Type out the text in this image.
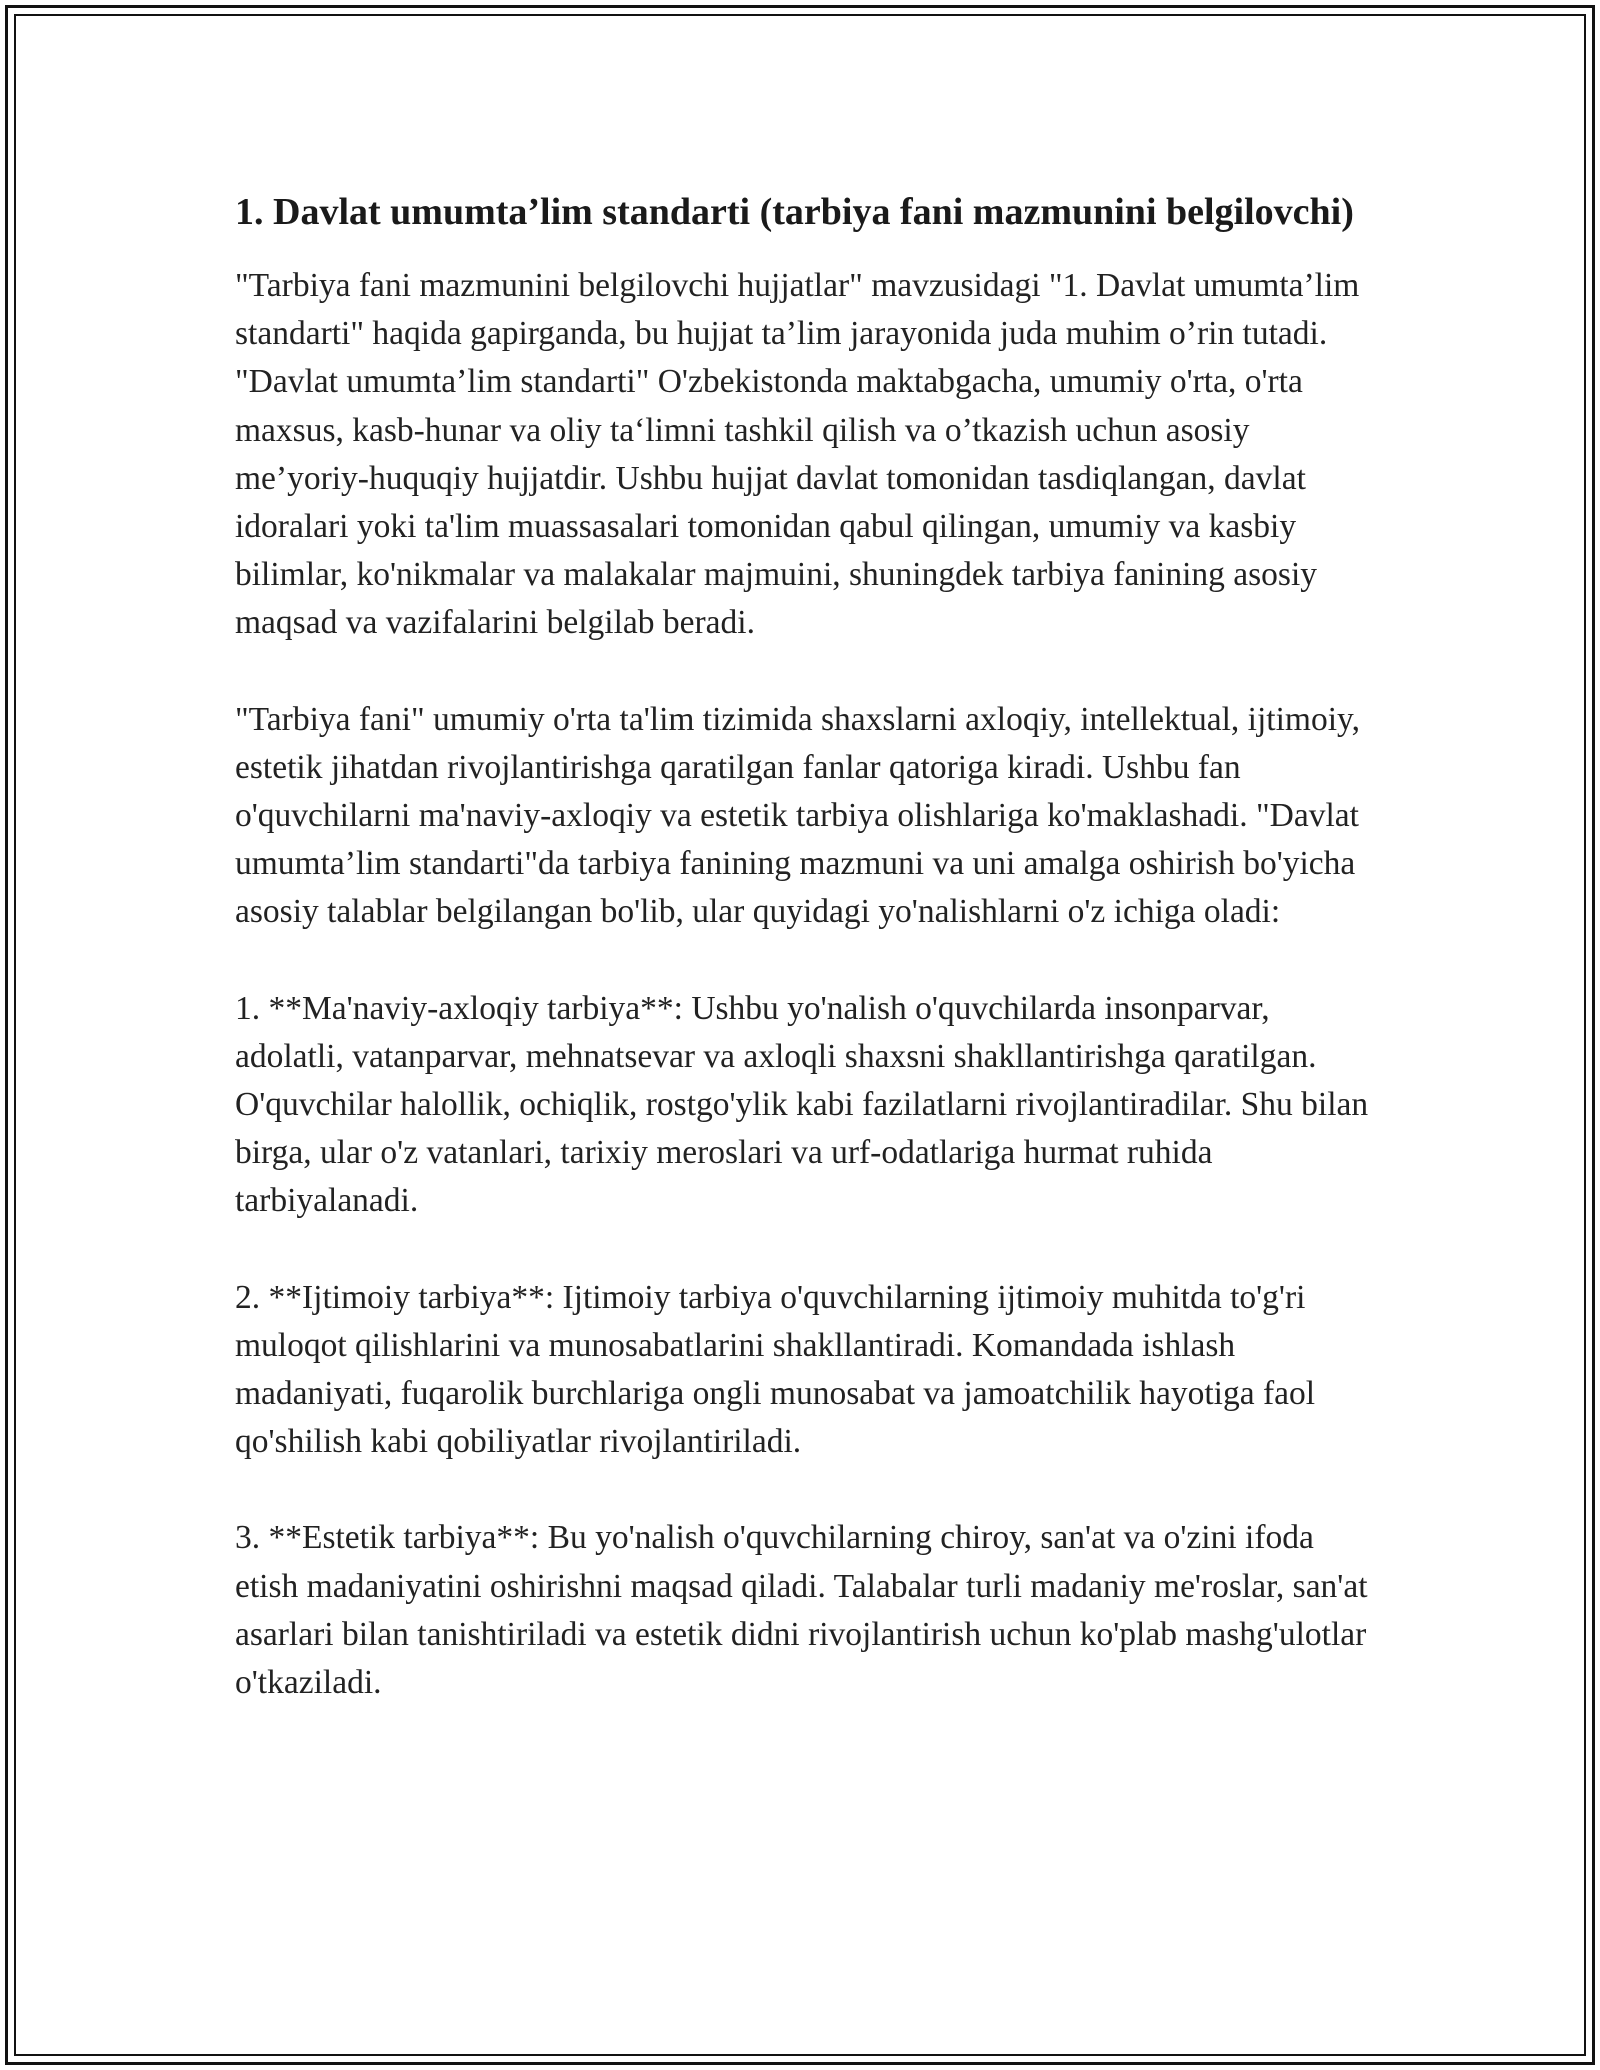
1. Davlat umumta’lim standarti (tarbiya fani mazmunini belgilovchi)

"Tarbiya fani mazmunini belgilovchi hujjatlar" mavzusidagi "1. Davlat umumta’lim standarti" haqida gapirganda, bu hujjat ta’lim jarayonida juda muhim o’rin tutadi. "Davlat umumta’lim standarti" O'zbekistonda maktabgacha, umumiy o'rta, o'rta maxsus, kasb-hunar va oliy ta‘limni tashkil qilish va o’tkazish uchun asosiy me’yoriy-huquqiy hujjatdir. Ushbu hujjat davlat tomonidan tasdiqlangan, davlat idoralari yoki ta'lim muassasalari tomonidan qabul qilingan, umumiy va kasbiy bilimlar, ko'nikmalar va malakalar majmuini, shuningdek tarbiya fanining asosiy maqsad va vazifalarini belgilab beradi.

"Tarbiya fani" umumiy o'rta ta'lim tizimida shaxslarni axloqiy, intellektual, ijtimoiy, estetik jihatdan rivojlantirishga qaratilgan fanlar qatoriga kiradi. Ushbu fan o'quvchilarni ma'naviy-axloqiy va estetik tarbiya olishlariga ko'maklashadi. "Davlat umumta’lim standarti"da tarbiya fanining mazmuni va uni amalga oshirish bo'yicha asosiy talablar belgilangan bo'lib, ular quyidagi yo'nalishlarni o'z ichiga oladi:

1. **Ma'naviy-axloqiy tarbiya**: Ushbu yo'nalish o'quvchilarda insonparvar, adolatli, vatanparvar, mehnatsevar va axloqli shaxsni shakllantirishga qaratilgan. O'quvchilar halollik, ochiqlik, rostgo'ylik kabi fazilatlarni rivojlantiradilar. Shu bilan birga, ular o'z vatanlari, tarixiy meroslari va urf-odatlariga hurmat ruhida tarbiyalanadi.

2. **Ijtimoiy tarbiya**: Ijtimoiy tarbiya o'quvchilarning ijtimoiy muhitda to'g'ri muloqot qilishlarini va munosabatlarini shakllantiradi. Komandada ishlash madaniyati, fuqarolik burchlariga ongli munosabat va jamoatchilik hayotiga faol qo'shilish kabi qobiliyatlar rivojlantiriladi.

3. **Estetik tarbiya**: Bu yo'nalish o'quvchilarning chiroy, san'at va o'zini ifoda etish madaniyatini oshirishni maqsad qiladi. Talabalar turli madaniy me'roslar, san'at asarlari bilan tanishtiriladi va estetik didni rivojlantirish uchun ko'plab mashg'ulotlar o'tkaziladi.
